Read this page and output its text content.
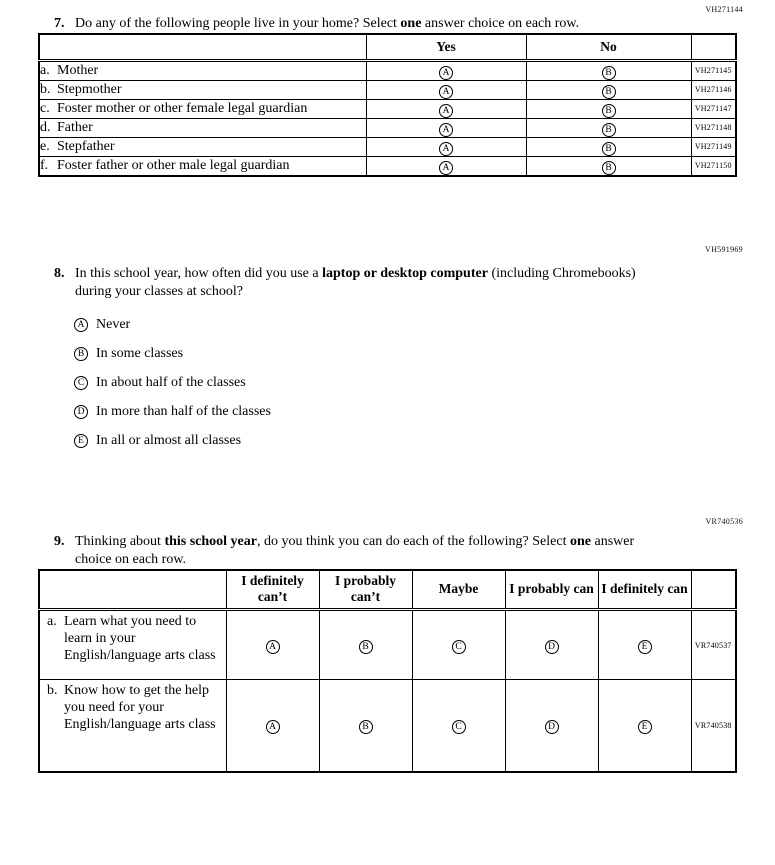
VH271144
7. Do any of the following people live in your home? Select one answer choice on each row.
	Yes	No	

a. Mother	A	B	VH271145

b. Stepmother	A	B	VH271146

c. Foster mother or other female legal guardian	A	B	VH271147

d. Father	A	B	VH271148

e. Stepfather	A	B	VH271149

f. Foster father or other male legal guardian	A	B	VH271150
VH591969
8. In this school year, how often did you use a laptop or desktop computer (including Chromebooks) during your classes at school?
A Never
B In some classes
C In about half of the classes
D In more than half of the classes
E In all or almost all classes
VR740536
9. Thinking about this school year, do you think you can do each of the following? Select one answer choice on each row.
	I definitely can’t	I probably can’t	Maybe	I probably can	I definitely can	

a. Learn what you need to learn in your English/language arts class	A	B	C	D	E	VR740537

b. Know how to get the help you need for your English/language arts class	A	B	C	D	E	VR740538
